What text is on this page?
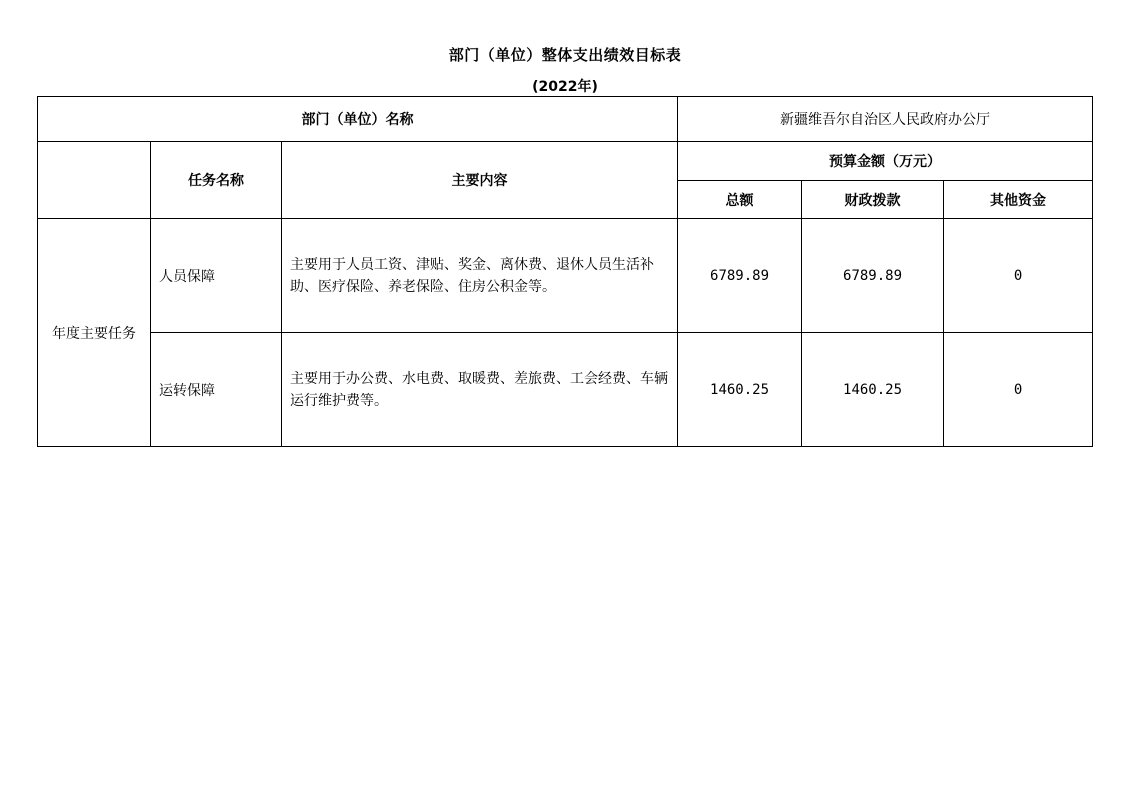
部门（单位）整体支出绩效目标表
(2022年)
部门（单位）名称			新疆维吾尔自治区人民政府办公厅		
	任务名称	主要内容	预算金额（万元）		
			总额	财政拨款	其他资金
年度主要任务	人员保障	主要用于人员工资、津贴、奖金、离休费、退休人员生活补助、医疗保险、养老保险、住房公积金等。	6789.89	6789.89	0
	运转保障	主要用于办公费、水电费、取暖费、差旅费、工会经费、车辆运行维护费等。	1460.25	1460.25	0
